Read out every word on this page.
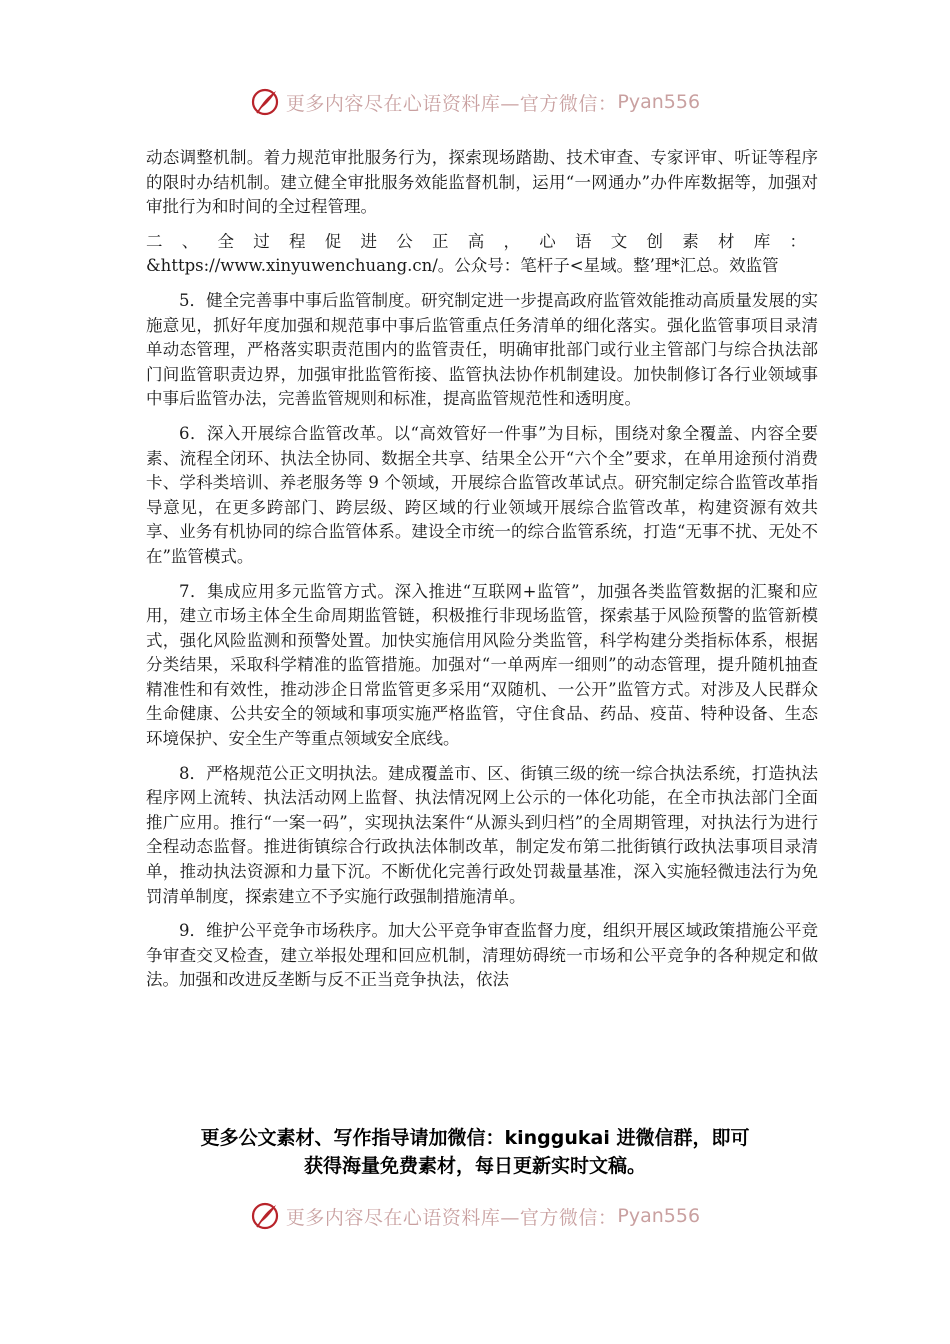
更多内容尽在心语资料库—官方微信： Pyan556

动态调整机制。着力规范审批服务行为，探索现场踏勘、技术审查、专家评审、听证等程序的限时办结机制。建立健全审批服务效能监督机制，运用“一网通办”办件库数据等，加强对审批行为和时间的全过程管理。

二、全过程促进公正高，心语文创素材库：&https://www.xinyuwenchuang.cn/。公众号：笔杆子<星域。整’理*汇总。效监管

5．健全完善事中事后监管制度。研究制定进一步提高政府监管效能推动高质量发展的实施意见，抓好年度加强和规范事中事后监管重点任务清单的细化落实。强化监管事项目录清单动态管理，严格落实职责范围内的监管责任，明确审批部门或行业主管部门与综合执法部门间监管职责边界，加强审批监管衔接、监管执法协作机制建设。加快制修订各行业领域事中事后监管办法，完善监管规则和标准，提高监管规范性和透明度。

6．深入开展综合监管改革。以“高效管好一件事”为目标，围绕对象全覆盖、内容全要素、流程全闭环、执法全协同、数据全共享、结果全公开“六个全”要求，在单用途预付消费卡、学科类培训、养老服务等 9 个领域，开展综合监管改革试点。研究制定综合监管改革指导意见，在更多跨部门、跨层级、跨区域的行业领域开展综合监管改革，构建资源有效共享、业务有机协同的综合监管体系。建设全市统一的综合监管系统，打造“无事不扰、无处不在”监管模式。

7．集成应用多元监管方式。深入推进“互联网+监管”，加强各类监管数据的汇聚和应用，建立市场主体全生命周期监管链，积极推行非现场监管，探索基于风险预警的监管新模式，强化风险监测和预警处置。加快实施信用风险分类监管，科学构建分类指标体系，根据分类结果，采取科学精准的监管措施。加强对“一单两库一细则”的动态管理，提升随机抽查精准性和有效性，推动涉企日常监管更多采用“双随机、一公开”监管方式。对涉及人民群众生命健康、公共安全的领域和事项实施严格监管，守住食品、药品、疫苗、特种设备、生态环境保护、安全生产等重点领域安全底线。

8．严格规范公正文明执法。建成覆盖市、区、街镇三级的统一综合执法系统，打造执法程序网上流转、执法活动网上监督、执法情况网上公示的一体化功能，在全市执法部门全面推广应用。推行“一案一码”，实现执法案件“从源头到归档”的全周期管理，对执法行为进行全程动态监督。推进街镇综合行政执法体制改革，制定发布第二批街镇行政执法事项目录清单，推动执法资源和力量下沉。不断优化完善行政处罚裁量基准，深入实施轻微违法行为免罚清单制度，探索建立不予实施行政强制措施清单。

9．维护公平竞争市场秩序。加大公平竞争审查监督力度，组织开展区域政策措施公平竞争审查交叉检查，建立举报处理和回应机制，清理妨碍统一市场和公平竞争的各种规定和做法。加强和改进反垄断与反不正当竞争执法，依法

更多公文素材、写作指导请加微信：kinggukai 进微信群，即可
获得海量免费素材，每日更新实时文稿。
更多内容尽在心语资料库—官方微信： Pyan556
